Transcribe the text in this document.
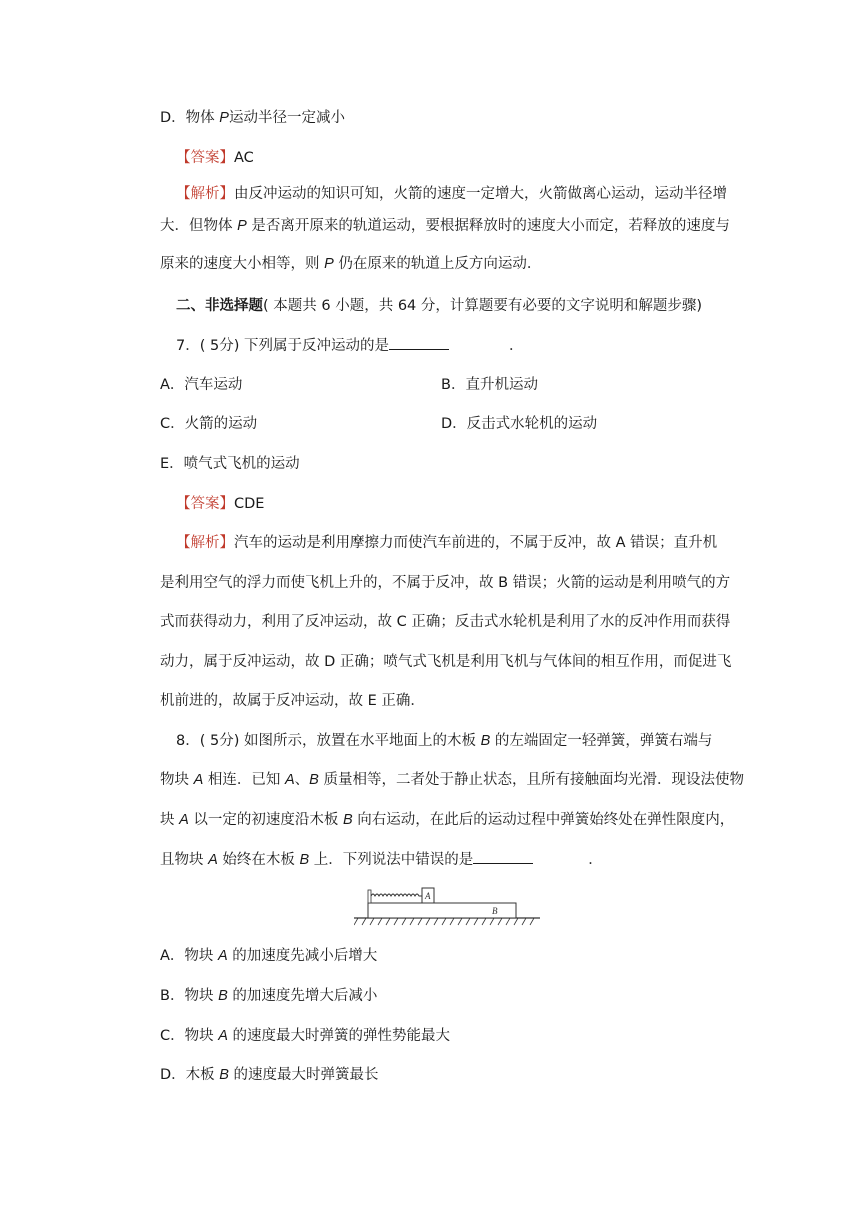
D．物体 P运动半径一定减小
【答案】AC
【解析】由反冲运动的知识可知，火箭的速度一定增大，火箭做离心运动，运动半径增
大．但物体 P 是否离开原来的轨道运动，要根据释放时的速度大小而定，若释放的速度与
原来的速度大小相等，则 P 仍在原来的轨道上反方向运动．
二、非选择题( 本题共 6 小题，共 64 分，计算题要有必要的文字说明和解题步骤)
7．( 5分) 下列属于反冲运动的是	．
A．汽车运动	B．直升机运动
C．火箭的运动	D．反击式水轮机的运动
E．喷气式飞机的运动
【答案】CDE
【解析】汽车的运动是利用摩擦力而使汽车前进的，不属于反冲，故 A 错误；直升机
是利用空气的浮力而使飞机上升的，不属于反冲，故 B 错误；火箭的运动是利用喷气的方
式而获得动力，利用了反冲运动，故 C 正确；反击式水轮机是利用了水的反冲作用而获得
动力，属于反冲运动，故 D 正确；喷气式飞机是利用飞机与气体间的相互作用，而促进飞
机前进的，故属于反冲运动，故 E 正确．
8．( 5分) 如图所示，放置在水平地面上的木板 B 的左端固定一轻弹簧，弹簧右端与
物块 A 相连．已知 A、B 质量相等，二者处于静止状态，且所有接触面均光滑．现设法使物
块 A 以一定的初速度沿木板 B 向右运动，在此后的运动过程中弹簧始终处在弹性限度内，
且物块 A 始终在木板 B 上．下列说法中错误的是	．
A
B
A．物块 A 的加速度先减小后增大
B．物块 B 的加速度先增大后减小
C．物块 A 的速度最大时弹簧的弹性势能最大
D．木板 B 的速度最大时弹簧最长
